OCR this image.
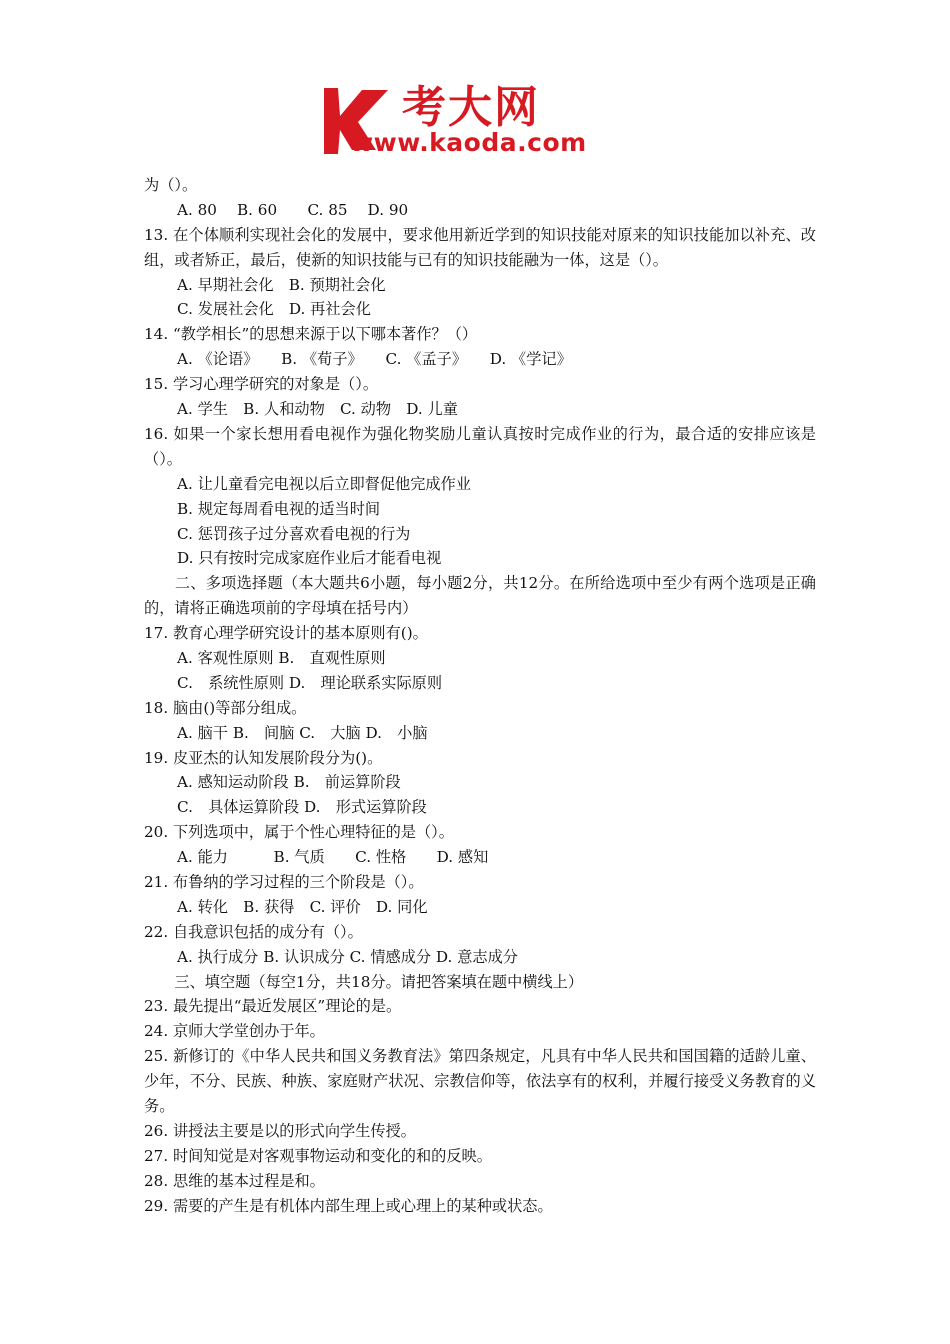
考大网
www.kaoda.com
为（）。
A. 80　 B. 60　　C. 85　 D. 90
13. 在个体顺利实现社会化的发展中，要求他用新近学到的知识技能对原来的知识技能加以补充、改组，或者矫正，最后，使新的知识技能与已有的知识技能融为一体，这是（）。
A. 早期社会化　B. 预期社会化
C. 发展社会化　D. 再社会化
14. “教学相长”的思想来源于以下哪本著作？（）
A. 《论语》　　B. 《荀子》　　C. 《孟子》　　D. 《学记》
15. 学习心理学研究的对象是（）。
A. 学生　B. 人和动物　C. 动物　D. 儿童
16. 如果一个家长想用看电视作为强化物奖励儿童认真按时完成作业的行为，最合适的安排应该是（）。
A. 让儿童看完电视以后立即督促他完成作业
B. 规定每周看电视的适当时间
C. 惩罚孩子过分喜欢看电视的行为
D. 只有按时完成家庭作业后才能看电视
　　二、多项选择题（本大题共6小题，每小题2分，共12分。在所给选项中至少有两个选项是正确的，请将正确选项前的字母填在括号内）
17. 教育心理学研究设计的基本原则有()。
A. 客观性原则 B.　直观性原则
C.　系统性原则 D.　理论联系实际原则
18. 脑由()等部分组成。
A. 脑干 B.　间脑 C.　大脑 D.　小脑
19. 皮亚杰的认知发展阶段分为()。
A. 感知运动阶段 B.　前运算阶段
C.　具体运算阶段 D.　形式运算阶段
20. 下列选项中，属于个性心理特征的是（）。
A. 能力　　　B. 气质　　C. 性格　　D. 感知
21. 布鲁纳的学习过程的三个阶段是（）。
A. 转化　B. 获得　C. 评价　D. 同化
22. 自我意识包括的成分有（）。
A. 执行成分 B. 认识成分 C. 情感成分 D. 意志成分
　　三、填空题（每空1分，共18分。请把答案填在题中横线上）
23. 最先提出“最近发展区”理论的是。
24. 京师大学堂创办于年。
25. 新修订的《中华人民共和国义务教育法》第四条规定，凡具有中华人民共和国国籍的适龄儿童、少年，不分、民族、种族、家庭财产状况、宗教信仰等，依法享有的权利，并履行接受义务教育的义务。
26. 讲授法主要是以的形式向学生传授。
27. 时间知觉是对客观事物运动和变化的和的反映。
28. 思维的基本过程是和。
29. 需要的产生是有机体内部生理上或心理上的某种或状态。
